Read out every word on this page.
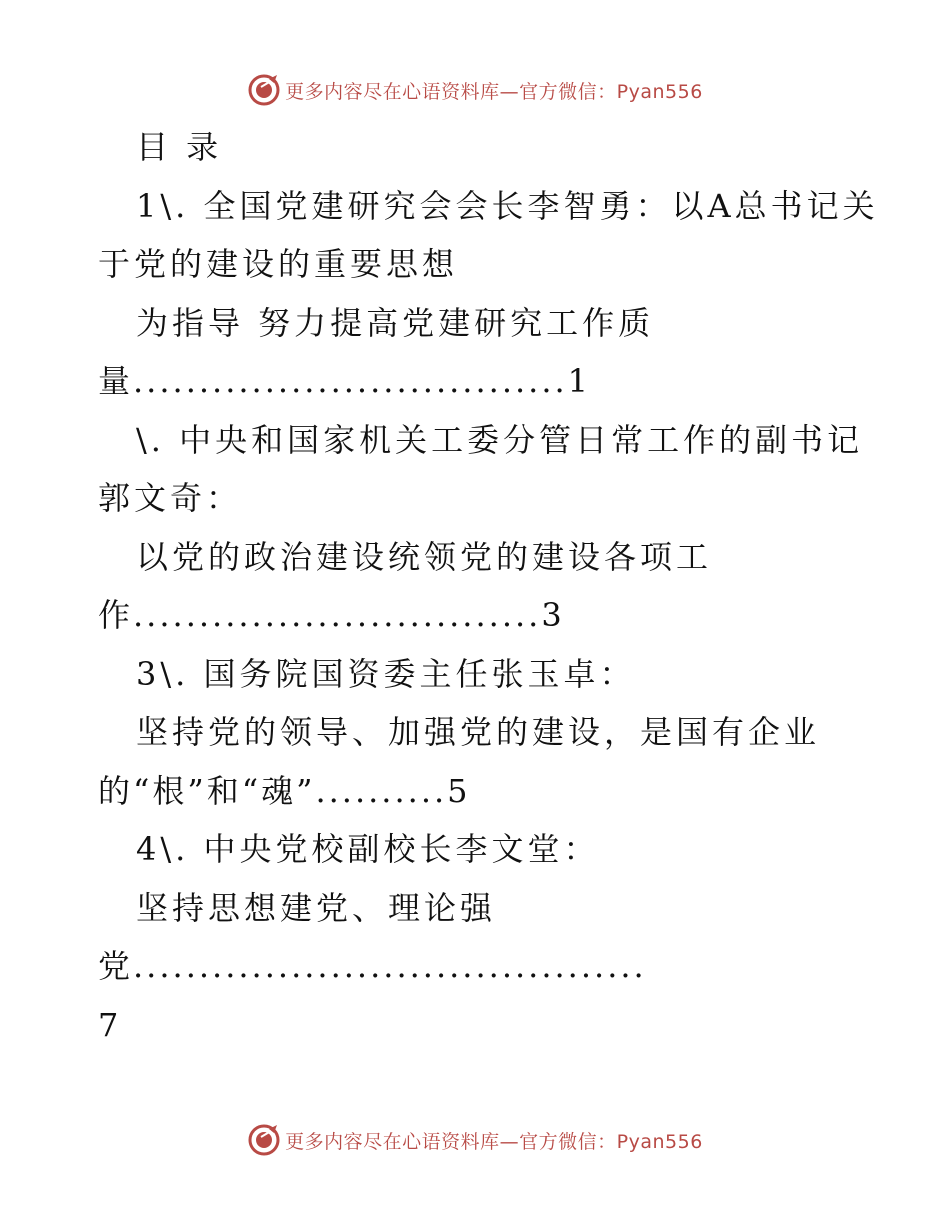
更多内容尽在心语资料库—官方微信：Pyan556
目 录
1\. 全国党建研究会会长李智勇：以A总书记关
于党的建设的重要思想
为指导 努力提高党建研究工作质
量.................................1
\. 中央和国家机关工委分管日常工作的副书记
郭文奇：
以党的政治建设统领党的建设各项工
作...............................3
3\. 国务院国资委主任张玉卓：
坚持党的领导、加强党的建设，是国有企业
的“根”和“魂”..........5
4\. 中央党校副校长李文堂：
坚持思想建党、理论强
党.......................................
7
更多内容尽在心语资料库—官方微信：Pyan556
